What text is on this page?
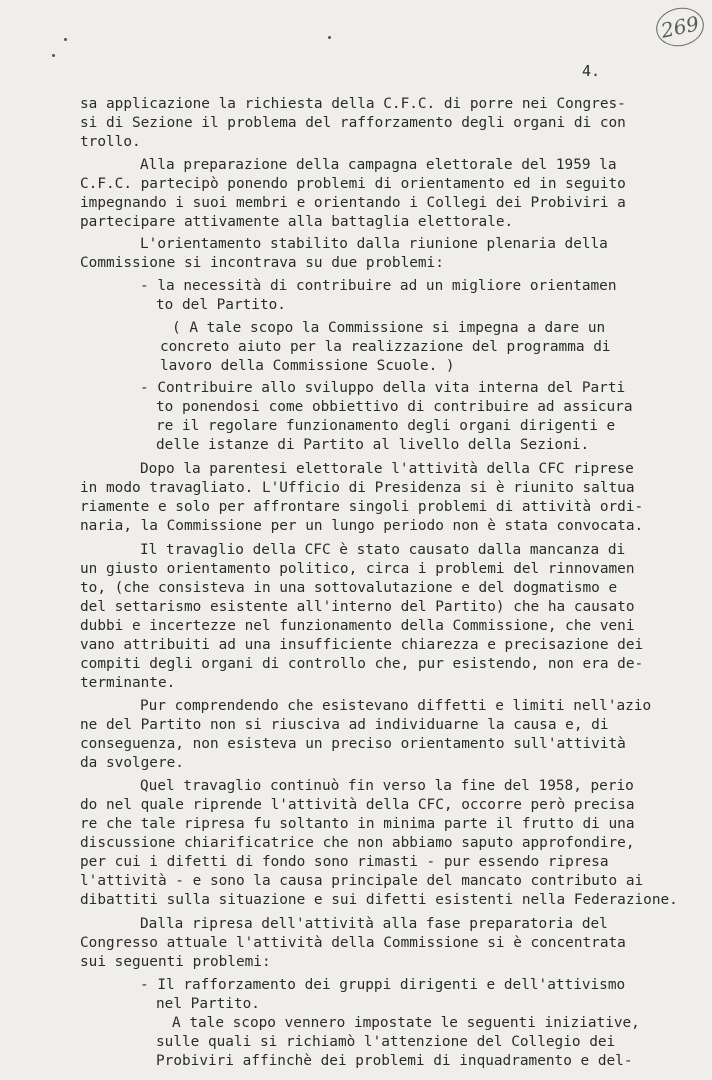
269
4.
sa applicazione la richiesta della C.F.C. di porre nei Congres-
si di Sezione il problema del rafforzamento degli organi di con
trollo.
Alla preparazione della campagna elettorale del 1959 la
C.F.C. partecipò ponendo problemi di orientamento ed in seguito
impegnando i suoi membri e orientando i Collegi dei Probiviri a
partecipare attivamente alla battaglia elettorale.
L'orientamento stabilito dalla riunione plenaria della
Commissione si incontrava su due problemi:
- la necessità di contribuire ad un migliore orientamen
to del Partito.
( A tale scopo la Commissione si impegna a dare un
concreto aiuto per la realizzazione del programma di
lavoro della Commissione Scuole. )
- Contribuire allo sviluppo della vita interna del Parti
to ponendosi come obbiettivo di contribuire ad assicura
re il regolare funzionamento degli organi dirigenti e
delle istanze di Partito al livello della Sezioni.
Dopo la parentesi elettorale l'attività della CFC riprese
in modo travagliato. L'Ufficio di Presidenza si è riunito saltua
riamente e solo per affrontare singoli problemi di attività ordi-
naria, la Commissione per un lungo periodo non è stata convocata.
Il travaglio della CFC è stato causato dalla mancanza di
un giusto orientamento politico, circa i problemi del rinnovamen
to, (che consisteva in una sottovalutazione e del dogmatismo e
del settarismo esistente all'interno del Partito) che ha causato
dubbi e incertezze nel funzionamento della Commissione, che veni
vano attribuiti ad una insufficiente chiarezza e precisazione dei
compiti degli organi di controllo che, pur esistendo, non era de-
terminante.
Pur comprendendo che esistevano diffetti e limiti nell'azio
ne del Partito non si riusciva ad individuarne la causa e, di
conseguenza, non esisteva un preciso orientamento sull'attività
da svolgere.
Quel travaglio continuò fin verso la fine del 1958, perio
do nel quale riprende l'attività della CFC, occorre però precisa
re che tale ripresa fu soltanto in minima parte il frutto di una
discussione chiarificatrice che non abbiamo saputo approfondire,
per cui i difetti di fondo sono rimasti - pur essendo ripresa
l'attività - e sono la causa principale del mancato contributo ai
dibattiti sulla situazione e sui difetti esistenti nella Federazione.
Dalla ripresa dell'attività alla fase preparatoria del
Congresso attuale l'attività della Commissione si è concentrata
sui seguenti problemi:
- Il rafforzamento dei gruppi dirigenti e dell'attivismo
nel Partito.
A tale scopo vennero impostate le seguenti iniziative,
sulle quali si richiamò l'attenzione del Collegio dei
Probiviri affinchè dei problemi di inquadramento e del-
